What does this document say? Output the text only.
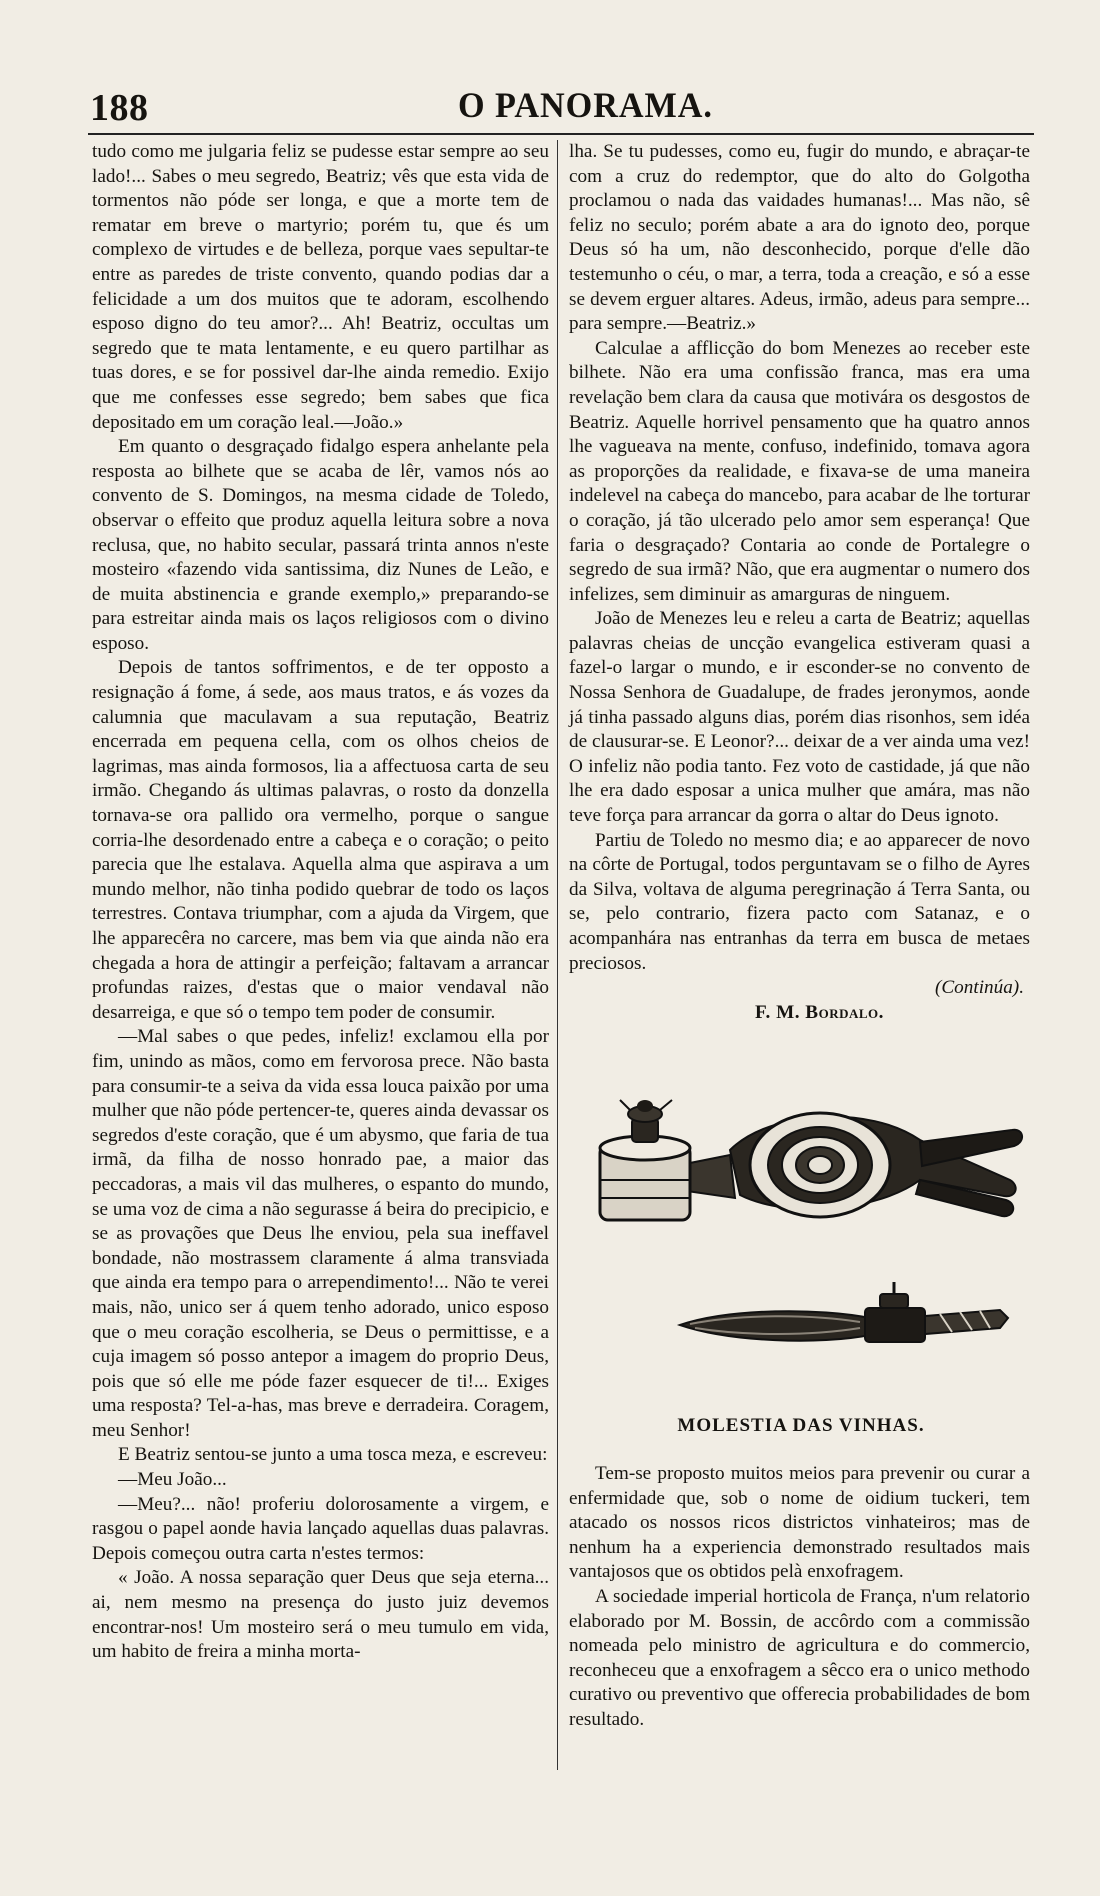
188	O PANORAMA.

tudo como me julgaria feliz se pudesse estar sempre ao seu lado!... Sabes o meu segredo, Beatriz; vês que esta vida de tormentos não póde ser longa, e que a morte tem de rematar em breve o martyrio; porém tu, que és um complexo de virtudes e de belleza, porque vaes sepultar-te entre as paredes de triste convento, quando podias dar a felicidade a um dos muitos que te adoram, escolhendo esposo digno do teu amor?... Ah! Beatriz, occultas um segredo que te mata lentamente, e eu quero partilhar as tuas dores, e se for possivel dar-lhe ainda remedio. Exijo que me confesses esse segredo; bem sabes que fica depositado em um coração leal.—João.»

Em quanto o desgraçado fidalgo espera anhelante pela resposta ao bilhete que se acaba de lêr, vamos nós ao convento de S. Domingos, na mesma cidade de Toledo, observar o effeito que produz aquella leitura sobre a nova reclusa, que, no habito secular, passará trinta annos n'este mosteiro «fazendo vida santissima, diz Nunes de Leão, e de muita abstinencia e grande exemplo,» preparando-se para estreitar ainda mais os laços religiosos com o divino esposo.

Depois de tantos soffrimentos, e de ter opposto a resignação á fome, á sede, aos maus tratos, e ás vozes da calumnia que maculavam a sua reputação, Beatriz encerrada em pequena cella, com os olhos cheios de lagrimas, mas ainda formosos, lia a affectuosa carta de seu irmão. Chegando ás ultimas palavras, o rosto da donzella tornava-se ora pallido ora vermelho, porque o sangue corria-lhe desordenado entre a cabeça e o coração; o peito parecia que lhe estalava. Aquella alma que aspirava a um mundo melhor, não tinha podido quebrar de todo os laços terrestres. Contava triumphar, com a ajuda da Virgem, que lhe apparecêra no carcere, mas bem via que ainda não era chegada a hora de attingir a perfeição; faltavam a arrancar profundas raizes, d'estas que o maior vendaval não desarreiga, e que só o tempo tem poder de consumir.

—Mal sabes o que pedes, infeliz! exclamou ella por fim, unindo as mãos, como em fervorosa prece. Não basta para consumir-te a seiva da vida essa louca paixão por uma mulher que não póde pertencer-te, queres ainda devassar os segredos d'este coração, que é um abysmo, que faria de tua irmã, da filha de nosso honrado pae, a maior das peccadoras, a mais vil das mulheres, o espanto do mundo, se uma voz de cima a não segurasse á beira do precipicio, e se as provações que Deus lhe enviou, pela sua ineffavel bondade, não mostrassem claramente á alma transviada que ainda era tempo para o arrependimento!... Não te verei mais, não, unico ser á quem tenho adorado, unico esposo que o meu coração escolheria, se Deus o permittisse, e a cuja imagem só posso antepor a imagem do proprio Deus, pois que só elle me póde fazer esquecer de ti!... Exiges uma resposta? Tel-a-has, mas breve e derradeira. Coragem, meu Senhor!

E Beatriz sentou-se junto a uma tosca meza, e escreveu:

—Meu João...

—Meu?... não! proferiu dolorosamente a virgem, e rasgou o papel aonde havia lançado aquellas duas palavras. Depois começou outra carta n'estes termos:

« João. A nossa separação quer Deus que seja eterna... ai, nem mesmo na presença do justo juiz devemos encontrar-nos! Um mosteiro será o meu tumulo em vida, um habito de freira a minha morta-

lha. Se tu pudesses, como eu, fugir do mundo, e abraçar-te com a cruz do redemptor, que do alto do Golgotha proclamou o nada das vaidades humanas!... Mas não, sê feliz no seculo; porém abate a ara do ignoto deo, porque Deus só ha um, não desconhecido, porque d'elle dão testemunho o céu, o mar, a terra, toda a creação, e só a esse se devem erguer altares. Adeus, irmão, adeus para sempre... para sempre.—Beatriz.»

Calculae a afflicção do bom Menezes ao receber este bilhete. Não era uma confissão franca, mas era uma revelação bem clara da causa que motivára os desgostos de Beatriz. Aquelle horrivel pensamento que ha quatro annos lhe vagueava na mente, confuso, indefinido, tomava agora as proporções da realidade, e fixava-se de uma maneira indelevel na cabeça do mancebo, para acabar de lhe torturar o coração, já tão ulcerado pelo amor sem esperança! Que faria o desgraçado? Contaria ao conde de Portalegre o segredo de sua irmã? Não, que era augmentar o numero dos infelizes, sem diminuir as amarguras de ninguem.

João de Menezes leu e releu a carta de Beatriz; aquellas palavras cheias de uncção evangelica estiveram quasi a fazel-o largar o mundo, e ir esconder-se no convento de Nossa Senhora de Guadalupe, de frades jeronymos, aonde já tinha passado alguns dias, porém dias risonhos, sem idéa de clausurar-se. E Leonor?... deixar de a ver ainda uma vez! O infeliz não podia tanto. Fez voto de castidade, já que não lhe era dado esposar a unica mulher que amára, mas não teve força para arrancar da gorra o altar do Deus ignoto.

Partiu de Toledo no mesmo dia; e ao apparecer de novo na côrte de Portugal, todos perguntavam se o filho de Ayres da Silva, voltava de alguma peregrinação á Terra Santa, ou se, pelo contrario, fizera pacto com Satanaz, e o acompanhára nas entranhas da terra em busca de metaes preciosos.

(Continúa).

F. M. Bordalo.

MOLESTIA DAS VINHAS.

Tem-se proposto muitos meios para prevenir ou curar a enfermidade que, sob o nome de oidium tuckeri, tem atacado os nossos ricos districtos vinhateiros; mas de nenhum ha a experiencia demonstrado resultados mais vantajosos que os obtidos pelà enxofragem.

A sociedade imperial horticola de França, n'um relatorio elaborado por M. Bossin, de accôrdo com a commissão nomeada pelo ministro de agricultura e do commercio, reconheceu que a enxofragem a sêcco era o unico methodo curativo ou preventivo que offerecia probabilidades de bom resultado.
